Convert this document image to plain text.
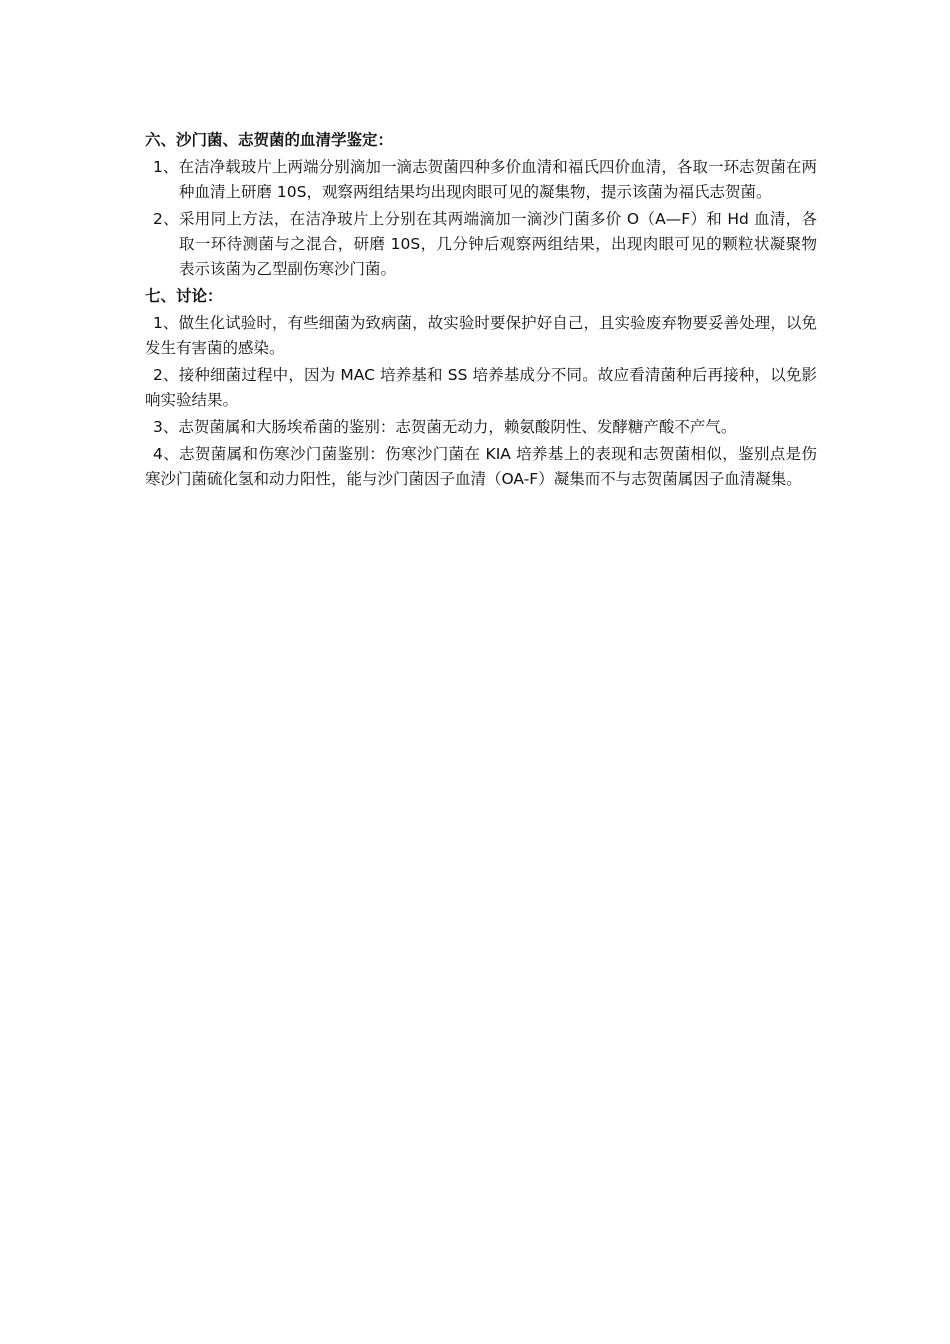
六、沙门菌、志贺菌的血清学鉴定：
1、在洁净载玻片上两端分别滴加一滴志贺菌四种多价血清和福氏四价血清，各取一环志贺菌在两种血清上研磨 10S，观察两组结果均出现肉眼可见的凝集物，提示该菌为福氏志贺菌。
2、采用同上方法，在洁净玻片上分别在其两端滴加一滴沙门菌多价 O（A—F）和 Hd 血清，各取一环待测菌与之混合，研磨 10S，几分钟后观察两组结果，出现肉眼可见的颗粒状凝聚物表示该菌为乙型副伤寒沙门菌。
七、讨论：
1、做生化试验时，有些细菌为致病菌，故实验时要保护好自己，且实验废弃物要妥善处理，以免发生有害菌的感染。
2、接种细菌过程中，因为 MAC 培养基和 SS 培养基成分不同。故应看清菌种后再接种，以免影响实验结果。
3、志贺菌属和大肠埃希菌的鉴别：志贺菌无动力，赖氨酸阴性、发酵糖产酸不产气。
4、志贺菌属和伤寒沙门菌鉴别：伤寒沙门菌在 KIA 培养基上的表现和志贺菌相似，鉴别点是伤寒沙门菌硫化氢和动力阳性，能与沙门菌因子血清（OA-F）凝集而不与志贺菌属因子血清凝集。
